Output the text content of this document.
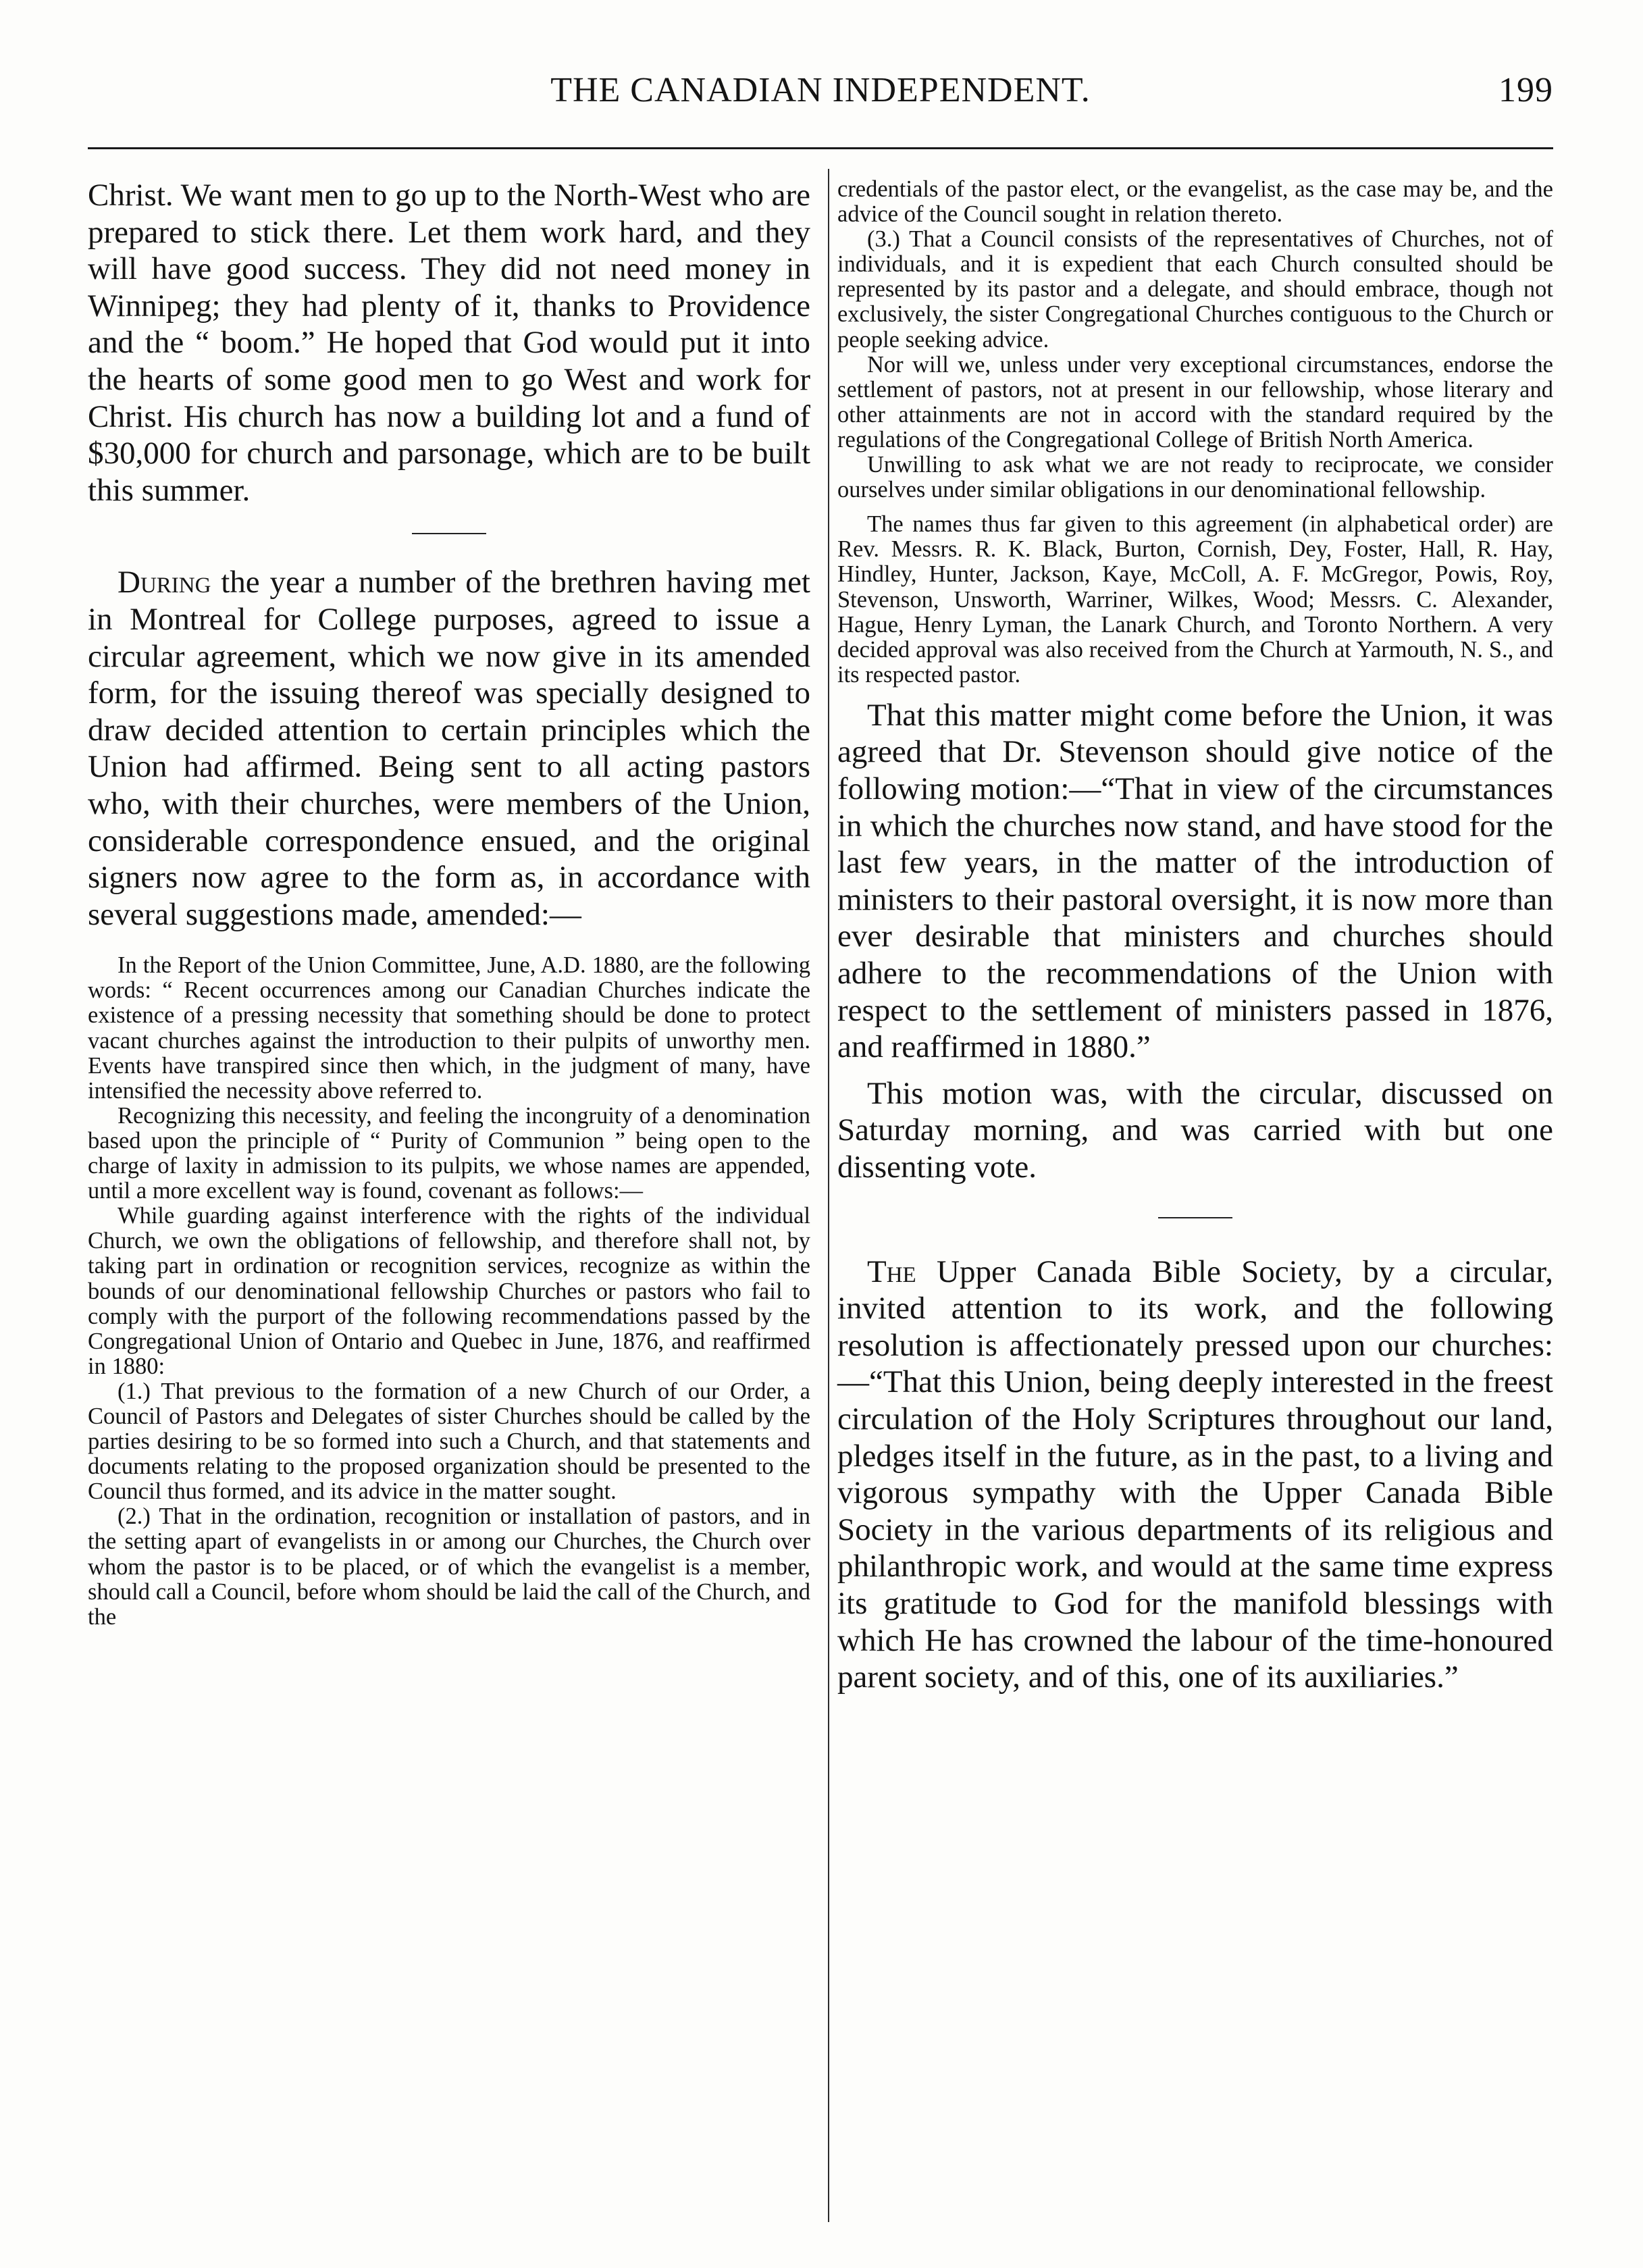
THE CANADIAN INDEPENDENT.	199

Christ. We want men to go up to the North-West who are prepared to stick there. Let them work hard, and they will have good success. They did not need money in Winnipeg; they had plenty of it, thanks to Providence and the “ boom.” He hoped that God would put it into the hearts of some good men to go West and work for Christ. His church has now a building lot and a fund of $30,000 for church and parsonage, which are to be built this summer.

During the year a number of the brethren having met in Montreal for College purposes, agreed to issue a circular agreement, which we now give in its amended form, for the issuing thereof was specially designed to draw decided attention to certain principles which the Union had affirmed. Being sent to all acting pastors who, with their churches, were members of the Union, considerable correspondence ensued, and the original signers now agree to the form as, in accordance with several suggestions made, amended:—

In the Report of the Union Committee, June, A.D. 1880, are the following words: “ Recent occurrences among our Canadian Churches indicate the existence of a pressing necessity that something should be done to protect vacant churches against the introduction to their pulpits of unworthy men. Events have transpired since then which, in the judgment of many, have intensified the necessity above referred to.

Recognizing this necessity, and feeling the incongruity of a denomination based upon the principle of “ Purity of Communion ” being open to the charge of laxity in admission to its pulpits, we whose names are appended, until a more excellent way is found, covenant as follows:—

While guarding against interference with the rights of the individual Church, we own the obligations of fellowship, and therefore shall not, by taking part in ordination or recognition services, recognize as within the bounds of our denominational fellowship Churches or pastors who fail to comply with the purport of the following recommendations passed by the Congregational Union of Ontario and Quebec in June, 1876, and reaffirmed in 1880:

(1.) That previous to the formation of a new Church of our Order, a Council of Pastors and Delegates of sister Churches should be called by the parties desiring to be so formed into such a Church, and that statements and documents relating to the proposed organization should be presented to the Council thus formed, and its advice in the matter sought.

(2.) That in the ordination, recognition or installation of pastors, and in the setting apart of evangelists in or among our Churches, the Church over whom the pastor is to be placed, or of which the evangelist is a member, should call a Council, before whom should be laid the call of the Church, and the

credentials of the pastor elect, or the evangelist, as the case may be, and the advice of the Council sought in relation thereto.

(3.) That a Council consists of the representatives of Churches, not of individuals, and it is expedient that each Church consulted should be represented by its pastor and a delegate, and should embrace, though not exclusively, the sister Congregational Churches contiguous to the Church or people seeking advice.

Nor will we, unless under very exceptional circumstances, endorse the settlement of pastors, not at present in our fellowship, whose literary and other attainments are not in accord with the standard required by the regulations of the Congregational College of British North America.

Unwilling to ask what we are not ready to reciprocate, we consider ourselves under similar obligations in our denominational fellowship.

The names thus far given to this agreement (in alphabetical order) are Rev. Messrs. R. K. Black, Burton, Cornish, Dey, Foster, Hall, R. Hay, Hindley, Hunter, Jackson, Kaye, McColl, A. F. McGregor, Powis, Roy, Stevenson, Unsworth, Warriner, Wilkes, Wood; Messrs. C. Alexander, Hague, Henry Lyman, the Lanark Church, and Toronto Northern. A very decided approval was also received from the Church at Yarmouth, N. S., and its respected pastor.

That this matter might come before the Union, it was agreed that Dr. Stevenson should give notice of the following motion:—“That in view of the circumstances in which the churches now stand, and have stood for the last few years, in the matter of the introduction of ministers to their pastoral oversight, it is now more than ever desirable that ministers and churches should adhere to the recommendations of the Union with respect to the settlement of ministers passed in 1876, and reaffirmed in 1880.”

This motion was, with the circular, discussed on Saturday morning, and was carried with but one dissenting vote.

The Upper Canada Bible Society, by a circular, invited attention to its work, and the following resolution is affectionately pressed upon our churches:—“That this Union, being deeply interested in the freest circulation of the Holy Scriptures throughout our land, pledges itself in the future, as in the past, to a living and vigorous sympathy with the Upper Canada Bible Society in the various departments of its religious and philanthropic work, and would at the same time express its gratitude to God for the manifold blessings with which He has crowned the labour of the time-honoured parent society, and of this, one of its auxiliaries.”
